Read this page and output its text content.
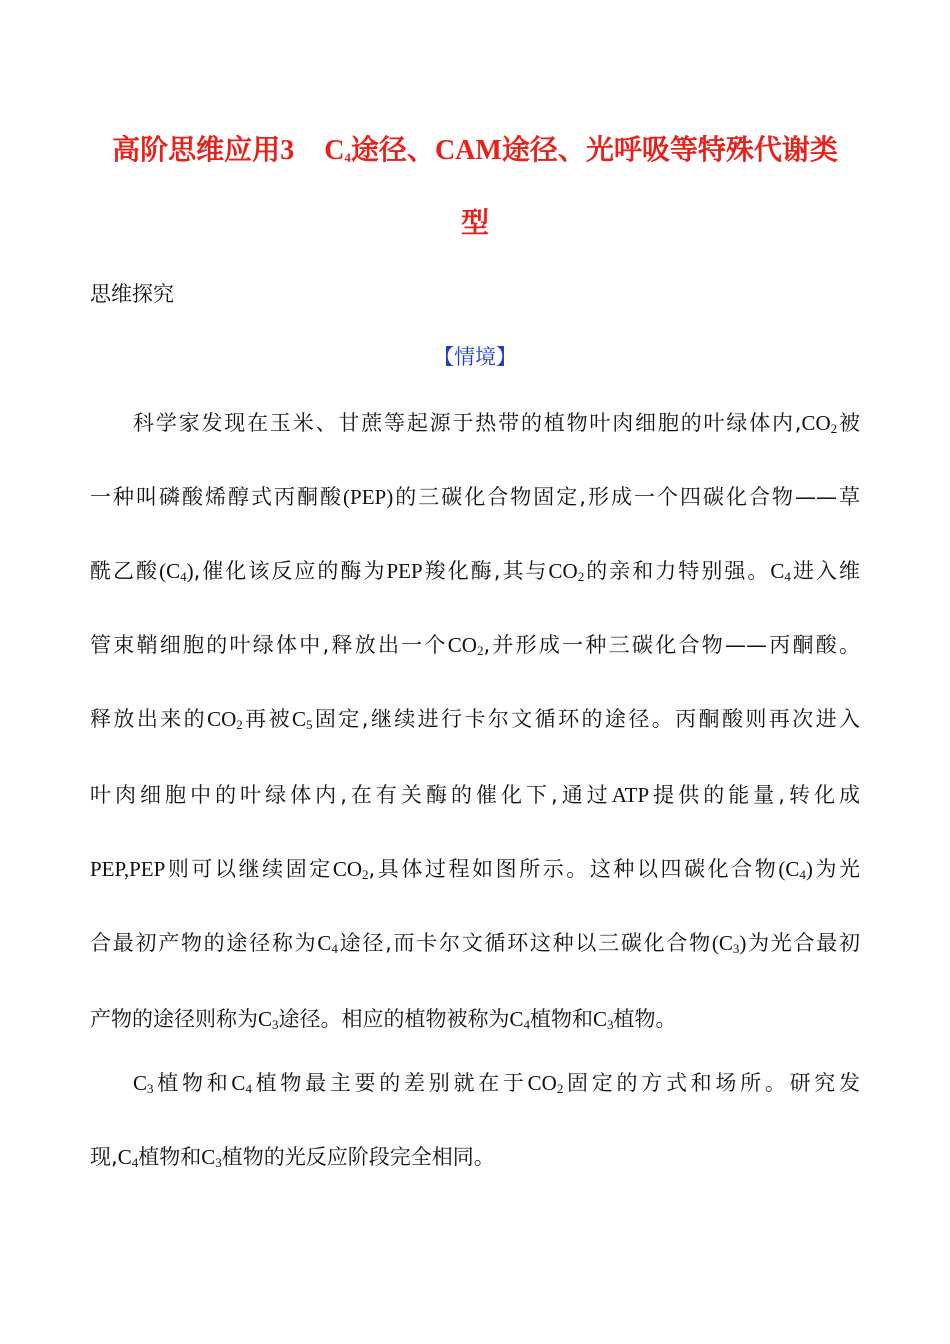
高阶思维应用3 $C_4$途径、CAM途径、光呼吸等特殊代谢类
型
思维探究
【情境】
科学家发现在玉米、甘蔗等起源于热带的植物叶肉细胞的叶绿体内$,CO_2$被
一种叫磷酸烯醇式丙酮酸(PEP)的三碳化合物固定,形成一个四碳化合物——草
酰乙酸$(C_4)$,催化该反应的酶为PEP羧化酶,其与$CO_2$的亲和力特别强。$C_4$进入维
管束鞘细胞的叶绿体中,释放出一个$CO_2$,并形成一种三碳化合物——丙酮酸。
释放出来的$CO_2$再被$C_5$固定,继续进行卡尔文循环的途径。丙酮酸则再次进入
叶肉细胞中的叶绿体内,在有关酶的催化下,通过ATP提供的能量,转化成
PEP,PEP则可以继续固定$CO_2$,具体过程如图所示。这种以四碳化合物$(C_4)$为光
合最初产物的途径称为$C_4$途径,而卡尔文循环这种以三碳化合物$(C_3)$为光合最初
产物的途径则称为$C_3$途径。相应的植物被称为$C_4$植物和$C_3$植物。
$C_3$植物和$C_4$植物最主要的差别就在于$CO_2$固定的方式和场所。研究发
现$,C_4$植物和$C_3$植物的光反应阶段完全相同。
